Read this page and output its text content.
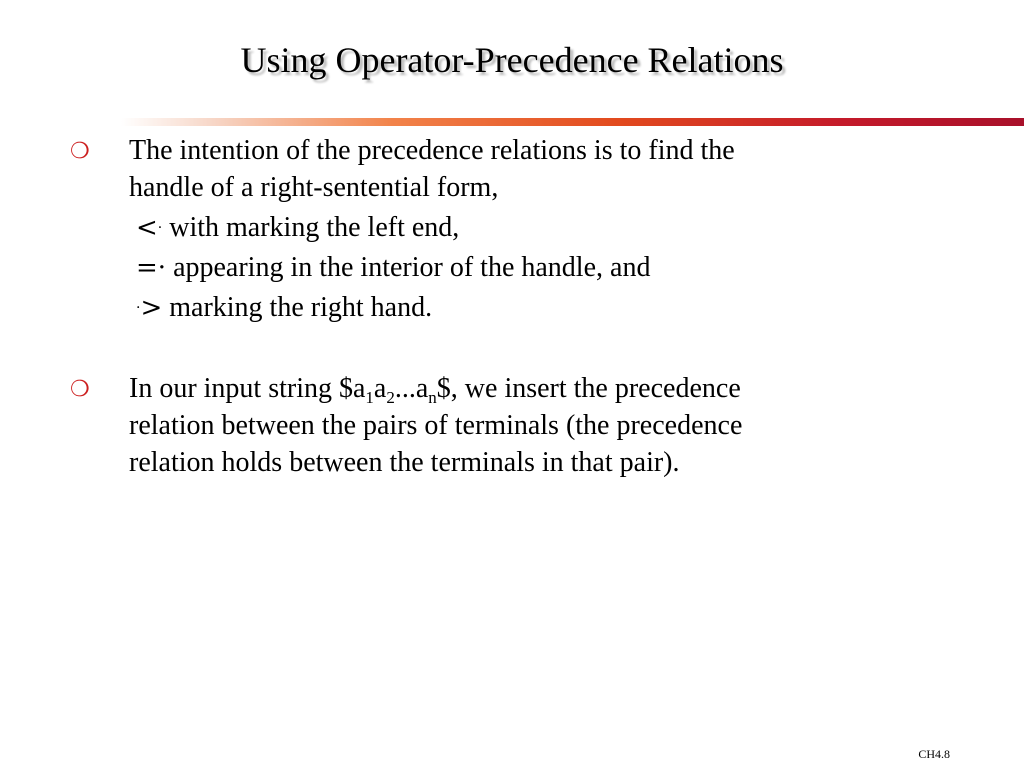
Using Operator-Precedence Relations
❍ The intention of the precedence relations is to find the
handle of a right-sentential form,
<· with marking the left end,
=· appearing in the interior of the handle, and
·> marking the right hand.
❍ In our input string $\$a_1a_2...a_n\$$, we insert the precedence
relation between the pairs of terminals (the precedence
relation holds between the terminals in that pair).
CH4.8
